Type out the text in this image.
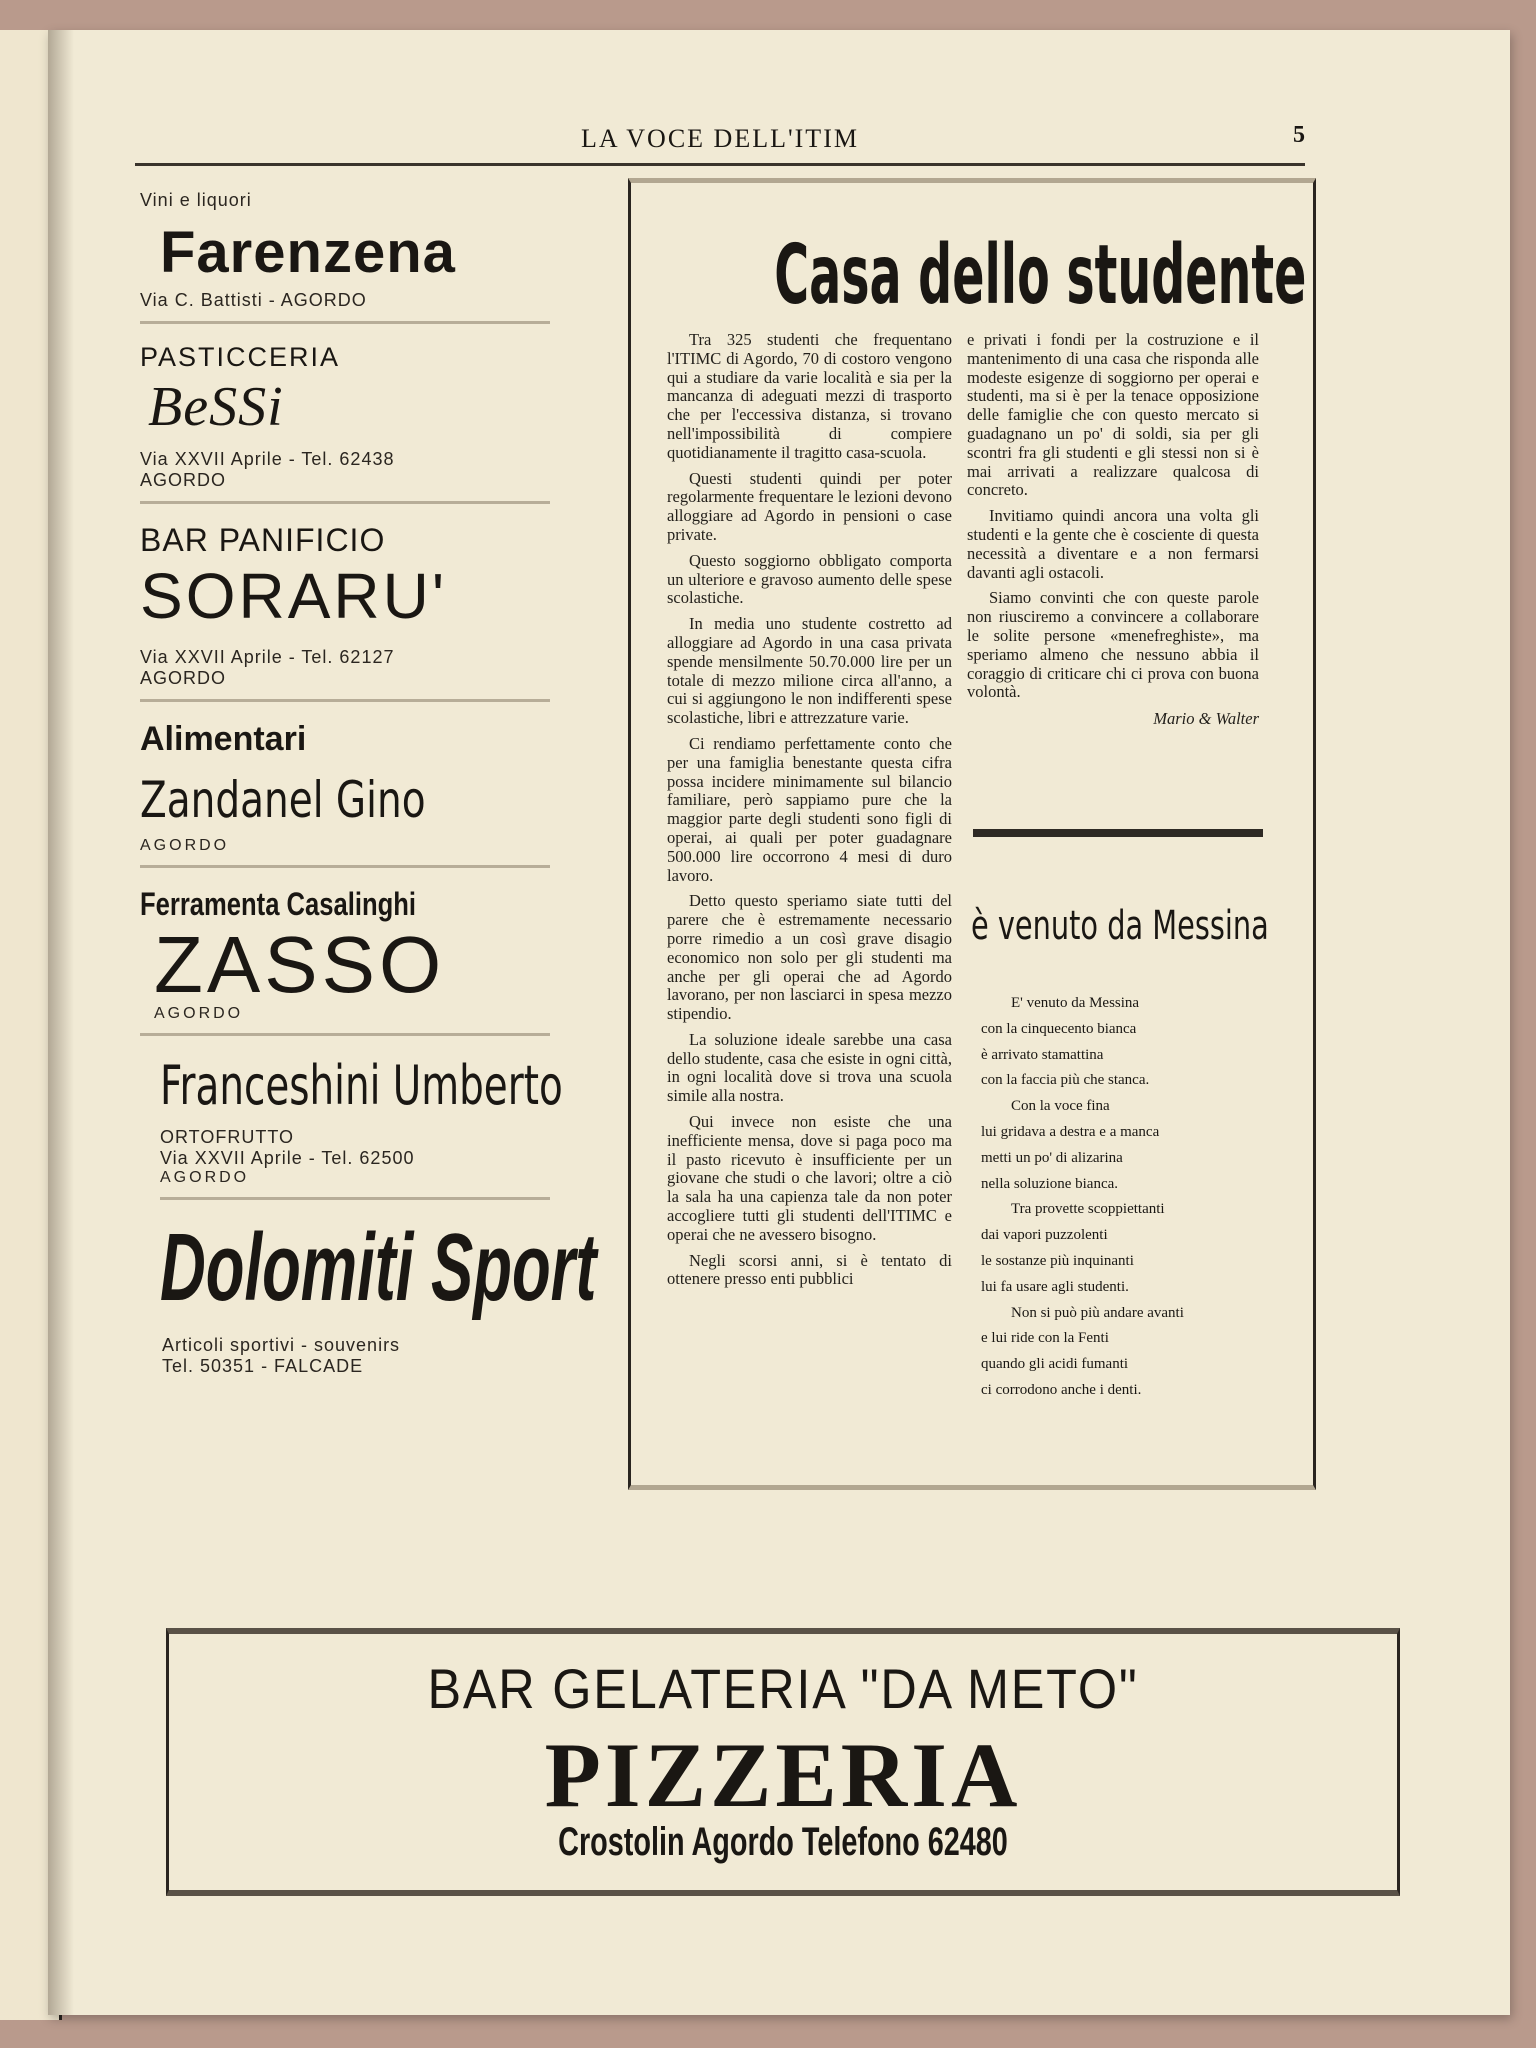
LA VOCE DELL'ITIM	5
Vini e liquori
Farenzena
Via C. Battisti - AGORDO
PASTICCERIA
BeSSi
Via XXVII Aprile - Tel. 62438
AGORDO
BAR PANIFICIO
SORARU'
Via XXVII Aprile - Tel. 62127
AGORDO
Alimentari
Zandanel Gino
AGORDO
Ferramenta Casalinghi
ZASSO
AGORDO
Franceshini Umberto
ORTOFRUTTO
Via XXVII Aprile - Tel. 62500
AGORDO
Dolomiti Sport
Articoli sportivi - souvenirs
Tel. 50351 - FALCADE
Casa dello studente

Tra 325 studenti che frequentano l'ITIMC di Agordo, 70 di costoro vengono qui a studiare da varie località e sia per la mancanza di adeguati mezzi di trasporto che per l'eccessiva distanza, si trovano nell'impossibilità di compiere quotidianamente il tragitto casa-scuola.

Questi studenti quindi per poter regolarmente frequentare le lezioni devono alloggiare ad Agordo in pensioni o case private.

Questo soggiorno obbligato comporta un ulteriore e gravoso aumento delle spese scolastiche.

In media uno studente costretto ad alloggiare ad Agordo in una casa privata spende mensilmente 50.70.000 lire per un totale di mezzo milione circa all'anno, a cui si aggiungono le non indifferenti spese scolastiche, libri e attrezzature varie.

Ci rendiamo perfettamente conto che per una famiglia benestante questa cifra possa incidere minimamente sul bilancio familiare, però sappiamo pure che la maggior parte degli studenti sono figli di operai, ai quali per poter guadagnare 500.000 lire occorrono 4 mesi di duro lavoro.

Detto questo speriamo siate tutti del parere che è estremamente necessario porre rimedio a un così grave disagio economico non solo per gli studenti ma anche per gli operai che ad Agordo lavorano, per non lasciarci in spesa mezzo stipendio.

La soluzione ideale sarebbe una casa dello studente, casa che esiste in ogni città, in ogni località dove si trova una scuola simile alla nostra.

Qui invece non esiste che una inefficiente mensa, dove si paga poco ma il pasto ricevuto è insufficiente per un giovane che studi o che lavori; oltre a ciò la sala ha una capienza tale da non poter accogliere tutti gli studenti dell'ITIMC e operai che ne avessero bisogno.

Negli scorsi anni, si è tentato di ottenere presso enti pubblici

e privati i fondi per la costruzione e il mantenimento di una casa che risponda alle modeste esigenze di soggiorno per operai e studenti, ma si è per la tenace opposizione delle famiglie che con questo mercato si guadagnano un po' di soldi, sia per gli scontri fra gli studenti e gli stessi non si è mai arrivati a realizzare qualcosa di concreto.

Invitiamo quindi ancora una volta gli studenti e la gente che è cosciente di questa necessità a diventare e a non fermarsi davanti agli ostacoli.

Siamo convinti che con queste parole non riusciremo a convincere a collaborare le solite persone «menefreghiste», ma speriamo almeno che nessuno abbia il coraggio di criticare chi ci prova con buona volontà.

Mario & Walter
è venuto da Messina
E' venuto da Messina
con la cinquecento bianca
è arrivato stamattina
con la faccia più che stanca.
Con la voce fina
lui gridava a destra e a manca
metti un po' di alizarina
nella soluzione bianca.
Tra provette scoppiettanti
dai vapori puzzolenti
le sostanze più inquinanti
lui fa usare agli studenti.
Non si può più andare avanti
e lui ride con la Fenti
quando gli acidi fumanti
ci corrodono anche i denti.
BAR GELATERIA "DA METO"
PIZZERIA
Crostolin Agordo Telefono 62480
